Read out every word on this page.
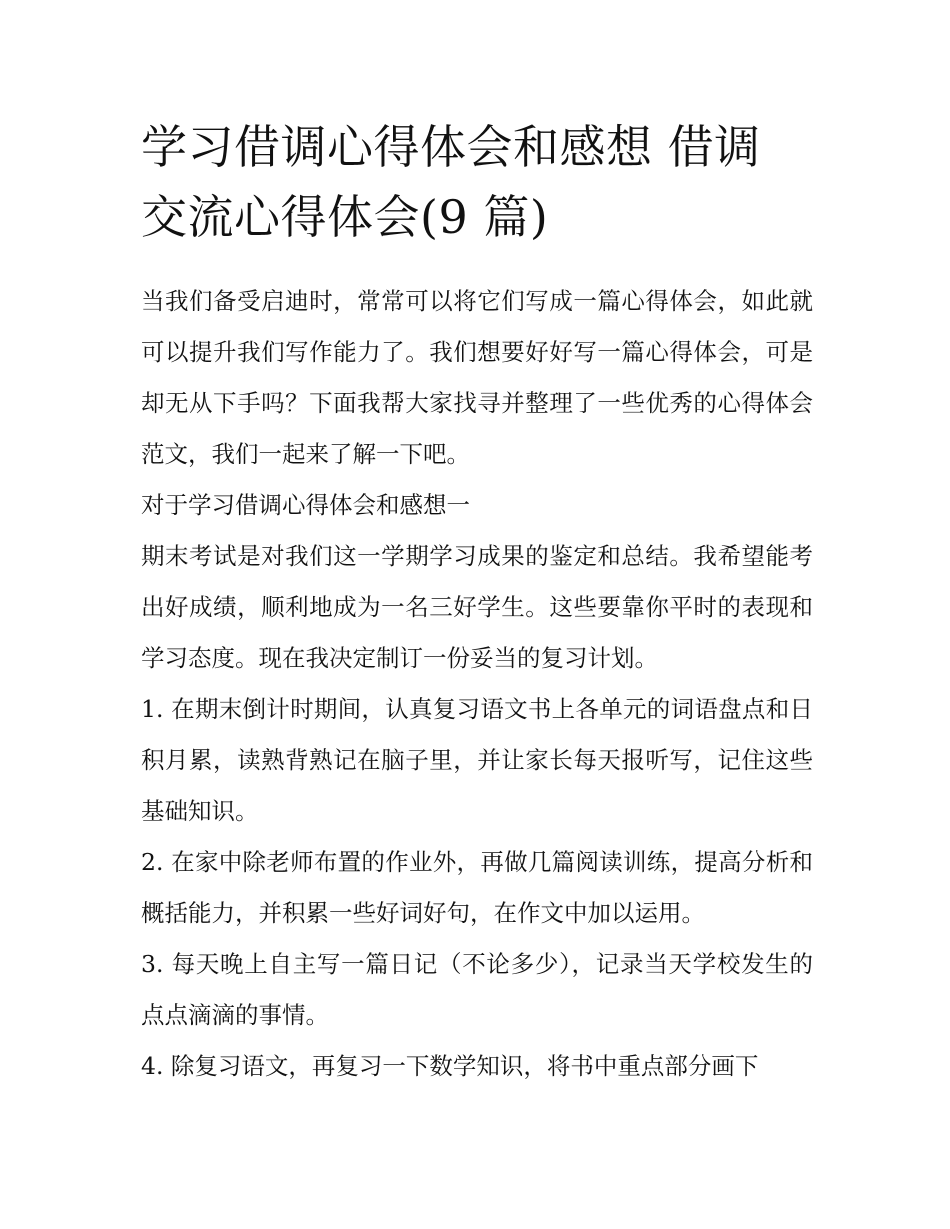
学习借调心得体会和感想 借调
交流心得体会(9 篇)

当我们备受启迪时，常常可以将它们写成一篇心得体会，如此就可以提升我们写作能力了。我们想要好好写一篇心得体会，可是却无从下手吗？下面我帮大家找寻并整理了一些优秀的心得体会范文，我们一起来了解一下吧。

对于学习借调心得体会和感想一

期末考试是对我们这一学期学习成果的鉴定和总结。我希望能考出好成绩，顺利地成为一名三好学生。这些要靠你平时的表现和学习态度。现在我决定制订一份妥当的复习计划。

1. 在期末倒计时期间，认真复习语文书上各单元的词语盘点和日积月累，读熟背熟记在脑子里，并让家长每天报听写，记住这些基础知识。

2. 在家中除老师布置的作业外，再做几篇阅读训练，提高分析和概括能力，并积累一些好词好句，在作文中加以运用。

3. 每天晚上自主写一篇日记（不论多少），记录当天学校发生的点点滴滴的事情。

4. 除复习语文，再复习一下数学知识，将书中重点部分画下
